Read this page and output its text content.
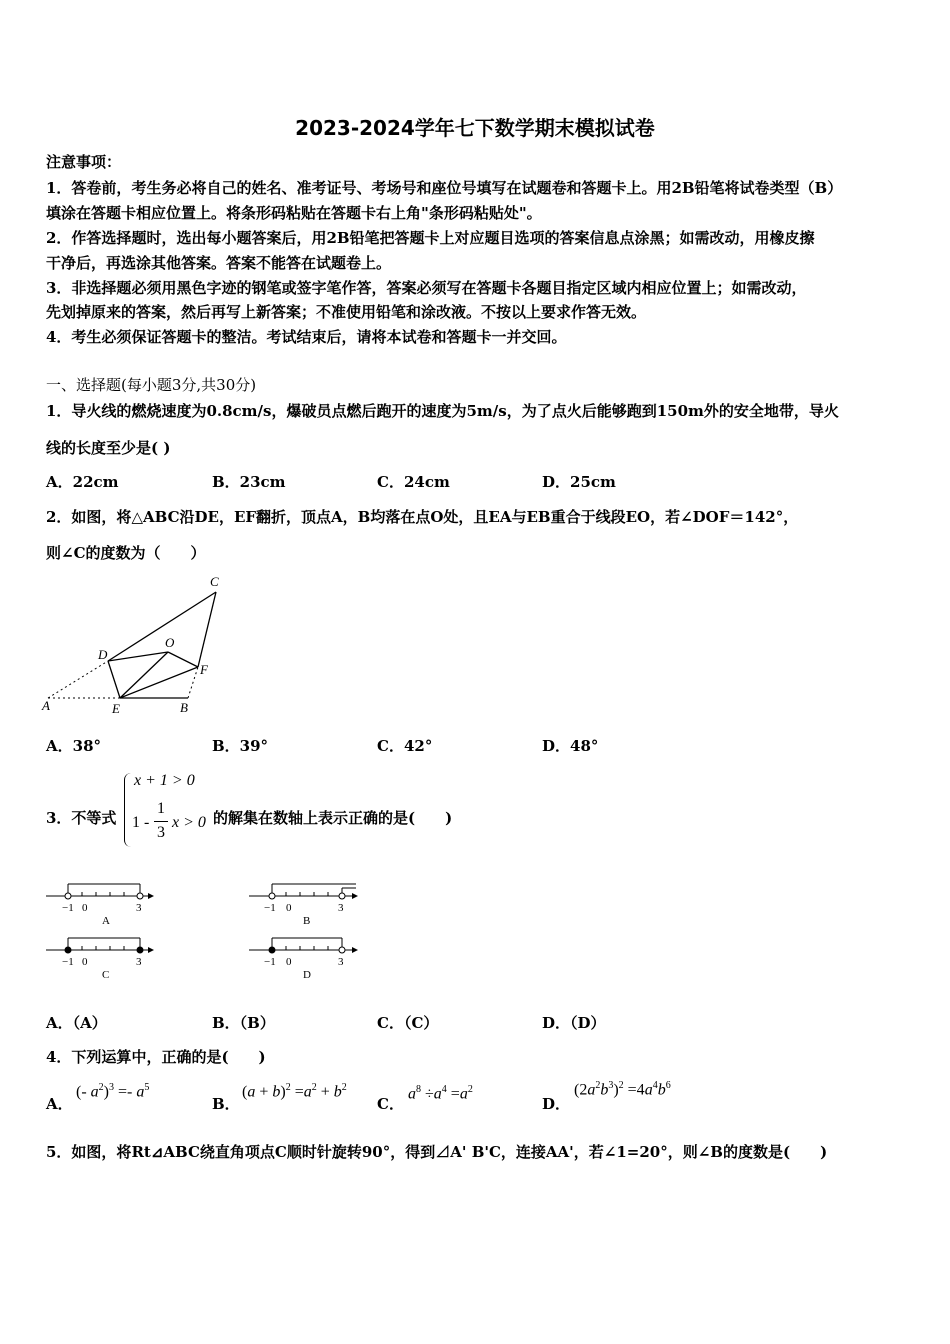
2023-2024学年七下数学期末模拟试卷
注意事项：
1．答卷前，考生务必将自己的姓名、准考证号、考场号和座位号填写在试题卷和答题卡上。用2B铅笔将试卷类型（B）
填涂在答题卡相应位置上。将条形码粘贴在答题卡右上角"条形码粘贴处"。
2．作答选择题时，选出每小题答案后，用2B铅笔把答题卡上对应题目选项的答案信息点涂黑；如需改动，用橡皮擦
干净后，再选涂其他答案。答案不能答在试题卷上。
3．非选择题必须用黑色字迹的钢笔或签字笔作答，答案必须写在答题卡各题目指定区域内相应位置上；如需改动，
先划掉原来的答案，然后再写上新答案；不准使用铅笔和涂改液。不按以上要求作答无效。
4．考生必须保证答题卡的整洁。考试结束后，请将本试卷和答题卡一并交回。
一、选择题(每小题3分,共30分)
1．导火线的燃烧速度为0.8cm/s，爆破员点燃后跑开的速度为5m/s，为了点火后能够跑到150m外的安全地带，导火
线的长度至少是( )
A．22cm	B．23cm	C．24cm	D．25cm
2．如图，将△ABC沿DE，EF翻折，顶点A，B均落在点O处，且EA与EB重合于线段EO，若∠DOF＝142°，
则∠C的度数为（　　）
A	E	B
D
O
F
C
A．38°	B．39°	C．42°	D．48°
3．不等式
x + 1 > 0
1 -
1
3
x > 0 的解集在数轴上表示正确的是(　　)
−1 0	3
A
−1 0	3
B
−1 0	3
C
−1 0	3
D
A．（A）	B．（B）	C．（C）	D．（D）
4．下列运算中，正确的是(　　)
A．
(- $a^2)^3 =- a^5$
B．
$(a + b)^2 =a^2 + b^2$
C．
$a^8 \div a^4 =a^2$
D．
$(2a^2b^3)^2 =4a^4b^6$
5．如图，将Rt⊿ABC绕直角项点C顺时针旋转90°，得到⊿A' B'C，连接AA'，若∠1=20°，则∠B的度数是(　　)
